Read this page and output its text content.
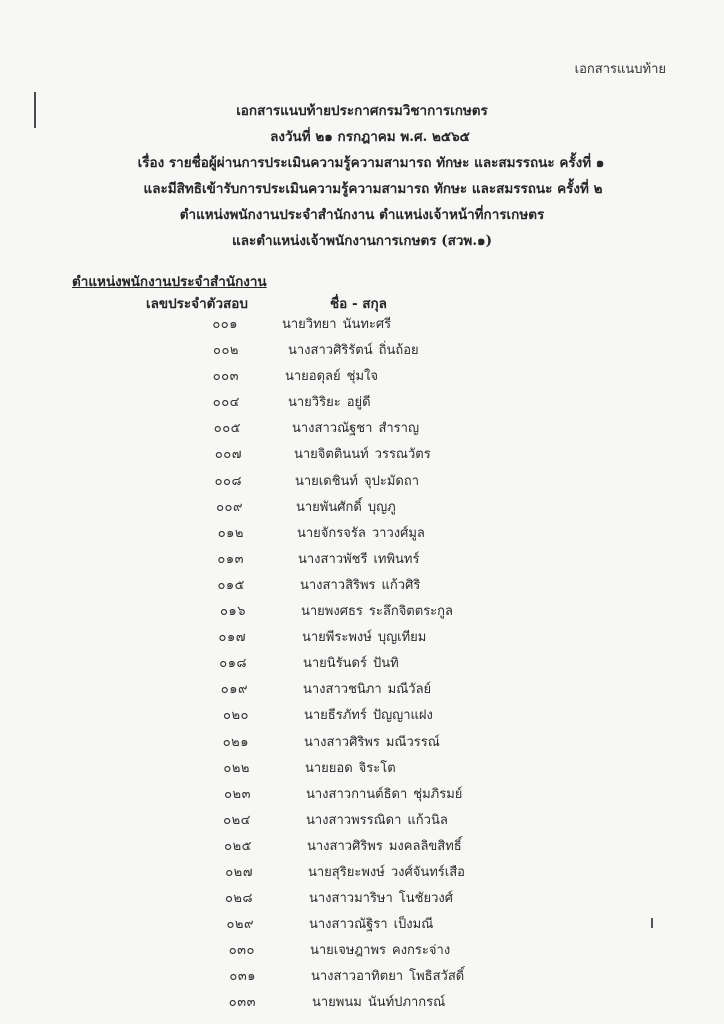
เอกสารแนบท้าย
เอกสารแนบท้ายประกาศกรมวิชาการเกษตร
ลงวันที่ ๒๑ กรกฎาคม พ.ศ. ๒๕๖๕
เรื่อง รายชื่อผู้ผ่านการประเมินความรู้ความสามารถ ทักษะ และสมรรถนะ ครั้งที่ ๑
และมีสิทธิเข้ารับการประเมินความรู้ความสามารถ ทักษะ และสมรรถนะ ครั้งที่ ๒
ตำแหน่งพนักงานประจำสำนักงาน ตำแหน่งเจ้าหน้าที่การเกษตร
และตำแหน่งเจ้าพนักงานการเกษตร (สวพ.๑)
ตำแหน่งพนักงานประจำสำนักงาน
เลขประจำตัวสอบ	ชื่อ - สกุล
๐๐๑	นายวิทยา นันทะศรี
๐๐๒	นางสาวศิริรัตน์ ถิ่นถ้อย
๐๐๓	นายอดุลย์ ชุ่มใจ
๐๐๔	นายวิริยะ อยู่ดี
๐๐๕	นางสาวณัฐชา สำราญ
๐๐๗	นายจิตตินนท์ วรรณวัตร
๐๐๘	นายเดชินท์ จุปะมัดถา
๐๐๙	นายพันศักดิ์ บุญภู
๐๑๒	นายจักรจรัล วาวงศ์มูล
๐๑๓	นางสาวพัชรี เทพินทร์
๐๑๕	นางสาวสิริพร แก้วศิริ
๐๑๖	นายพงศธร ระลึกจิตตระกูล
๐๑๗	นายพีระพงษ์ บุญเทียม
๐๑๘	นายนิรันดร์ ปันทิ
๐๑๙	นางสาวชนิภา มณีวัลย์
๐๒๐	นายธีรภัทร์ ปัญญาแฝง
๐๒๑	นางสาวศิริพร มณีวรรณ์
๐๒๒	นายยอด จิระโต
๐๒๓	นางสาวกานต์ธิดา ชุ่มภิรมย์
๐๒๔	นางสาวพรรณิดา แก้วนิล
๐๒๕	นางสาวศิริพร มงคลลิขสิทธิ์
๐๒๗	นายสุริยะพงษ์ วงศ์จันทร์เสือ
๐๒๘	นางสาวมาริษา โนชัยวงศ์
๐๒๙	นางสาวณัฐิรา เป็งมณี
๐๓๐	นายเจษฎาพร คงกระจ่าง
๐๓๑	นางสาวอาทิตยา โพธิสวัสดิ์
๐๓๓	นายพนม นันท์ปภากรณ์
